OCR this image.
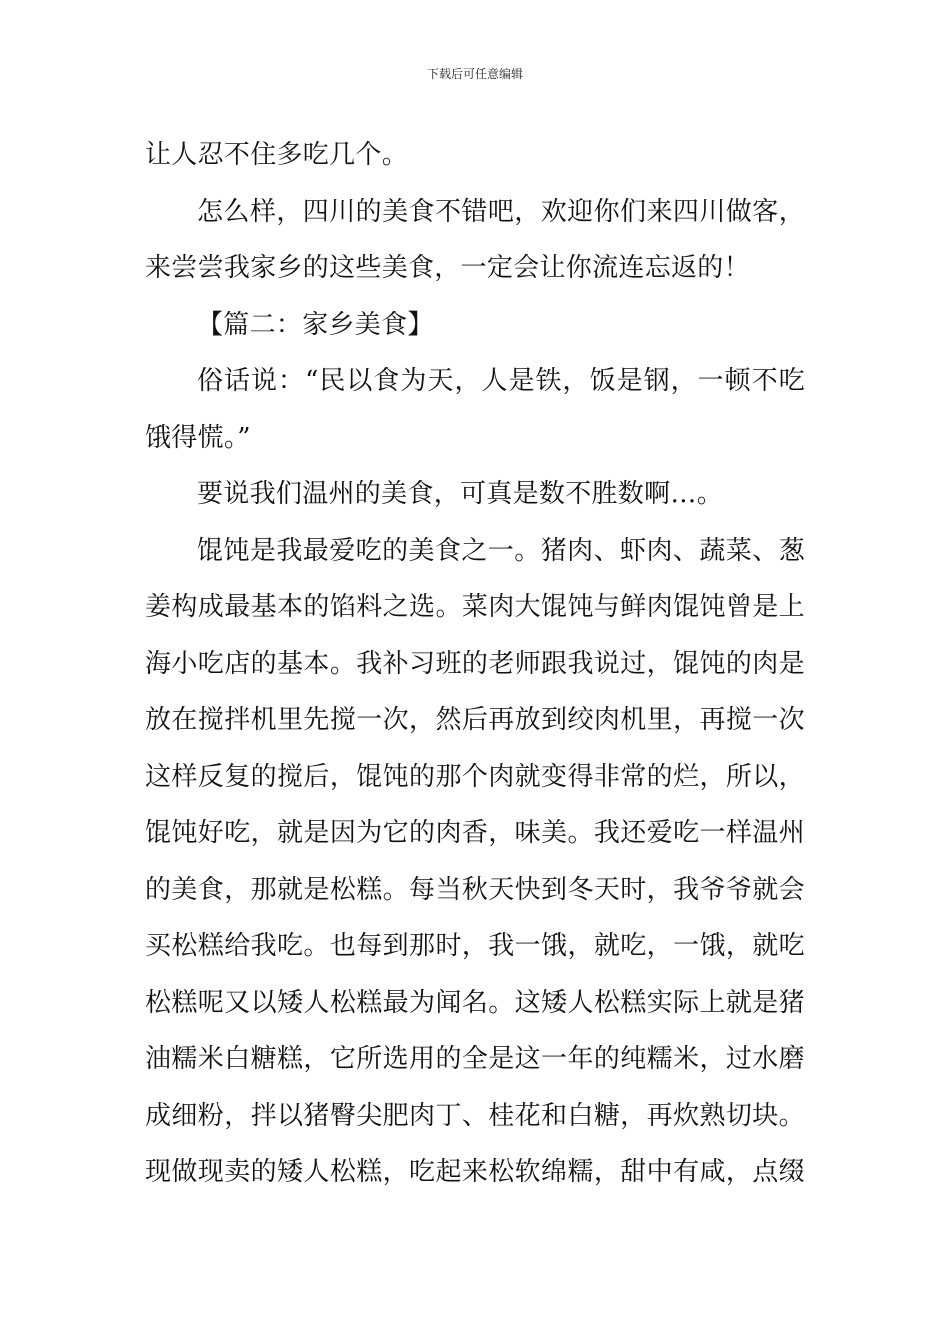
下载后可任意编辑

让人忍不住多吃几个。

怎么样，四川的美食不错吧，欢迎你们来四川做客，
来尝尝我家乡的这些美食，一定会让你流连忘返的！

【篇二：家乡美食】

俗话说：“民以食为天，人是铁，饭是钢，一顿不吃
饿得慌。”

要说我们温州的美食，可真是数不胜数啊…。

馄饨是我最爱吃的美食之一。猪肉、虾肉、蔬菜、葱
姜构成最基本的馅料之选。菜肉大馄饨与鲜肉馄饨曾是上
海小吃店的基本。我补习班的老师跟我说过，馄饨的肉是
放在搅拌机里先搅一次，然后再放到绞肉机里，再搅一次
这样反复的搅后，馄饨的那个肉就变得非常的烂，所以，
馄饨好吃，就是因为它的肉香，味美。我还爱吃一样温州
的美食，那就是松糕。每当秋天快到冬天时，我爷爷就会
买松糕给我吃。也每到那时，我一饿，就吃，一饿，就吃
松糕呢又以矮人松糕最为闻名。这矮人松糕实际上就是猪
油糯米白糖糕，它所选用的全是这一年的纯糯米，过水磨
成细粉，拌以猪臀尖肥肉丁、桂花和白糖，再炊熟切块。
现做现卖的矮人松糕，吃起来松软绵糯，甜中有咸，点缀
